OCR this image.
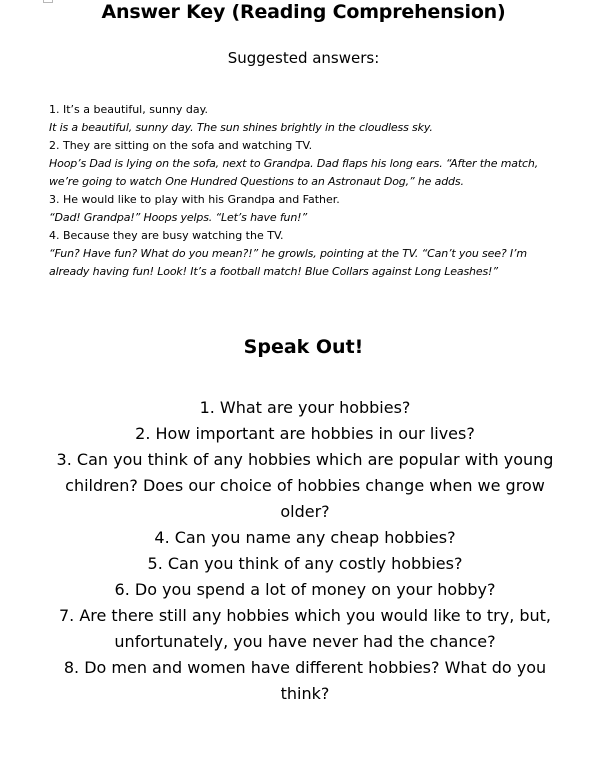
Answer Key (Reading Comprehension)

Suggested answers:

1. It’s a beautiful, sunny day.
It is a beautiful, sunny day. The sun shines brightly in the cloudless sky.
2. They are sitting on the sofa and watching TV.
Hoop’s Dad is lying on the sofa, next to Grandpa. Dad flaps his long ears. “After the match, we’re going to watch One Hundred Questions to an Astronaut Dog,” he adds.
3. He would like to play with his Grandpa and Father.
“Dad! Grandpa!” Hoops yelps. “Let’s have fun!”
4. Because they are busy watching the TV.
“Fun? Have fun? What do you mean?!” he growls, pointing at the TV. “Can’t you see? I’m already having fun! Look! It’s a football match! Blue Collars against Long Leashes!”
Speak Out!
1. What are your hobbies?
2. How important are hobbies in our lives?
3. Can you think of any hobbies which are popular with young children? Does our choice of hobbies change when we grow older?
4. Can you name any cheap hobbies?
5. Can you think of any costly hobbies?
6. Do you spend a lot of money on your hobby?
7. Are there still any hobbies which you would like to try, but, unfortunately, you have never had the chance?
8. Do men and women have different hobbies? What do you think?
